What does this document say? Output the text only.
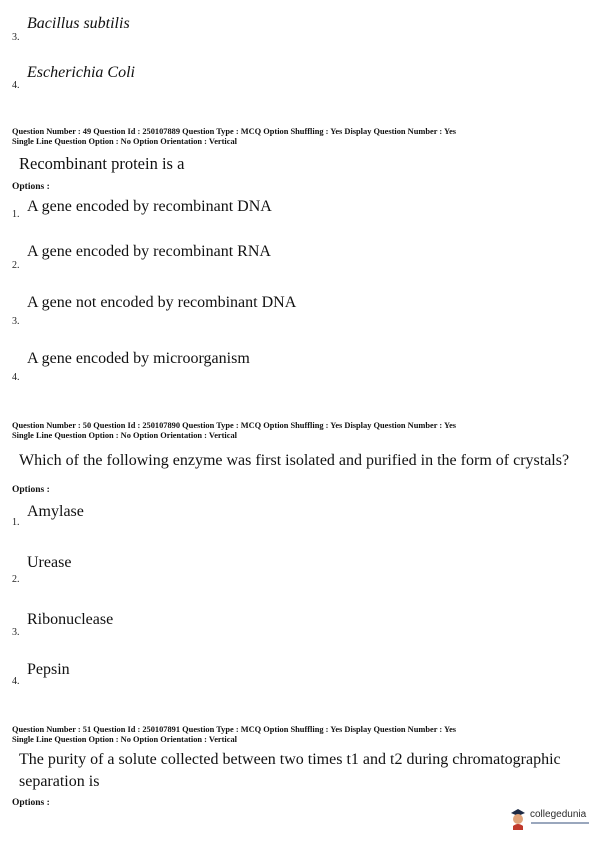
Bacillus subtilis
3.
Escherichia Coli
4.
Question Number : 49 Question Id : 250107889 Question Type : MCQ Option Shuffling : Yes Display Question Number : Yes
Single Line Question Option : No Option Orientation : Vertical
Recombinant protein is a
Options :
1. A gene encoded by recombinant DNA
A gene encoded by recombinant RNA
2.
A gene not encoded by recombinant DNA
3.
A gene encoded by microorganism
4.
Question Number : 50 Question Id : 250107890 Question Type : MCQ Option Shuffling : Yes Display Question Number : Yes
Single Line Question Option : No Option Orientation : Vertical
Which of the following enzyme was first isolated and purified in the form of crystals?
Options :
1.
Amylase
Urease
2.
Ribonuclease
3.
Pepsin
4.
Question Number : 51 Question Id : 250107891 Question Type : MCQ Option Shuffling : Yes Display Question Number : Yes
Single Line Question Option : No Option Orientation : Vertical
The purity of a solute collected between two times t1 and t2 during chromatographic
separation is
Options :
collegedunia
